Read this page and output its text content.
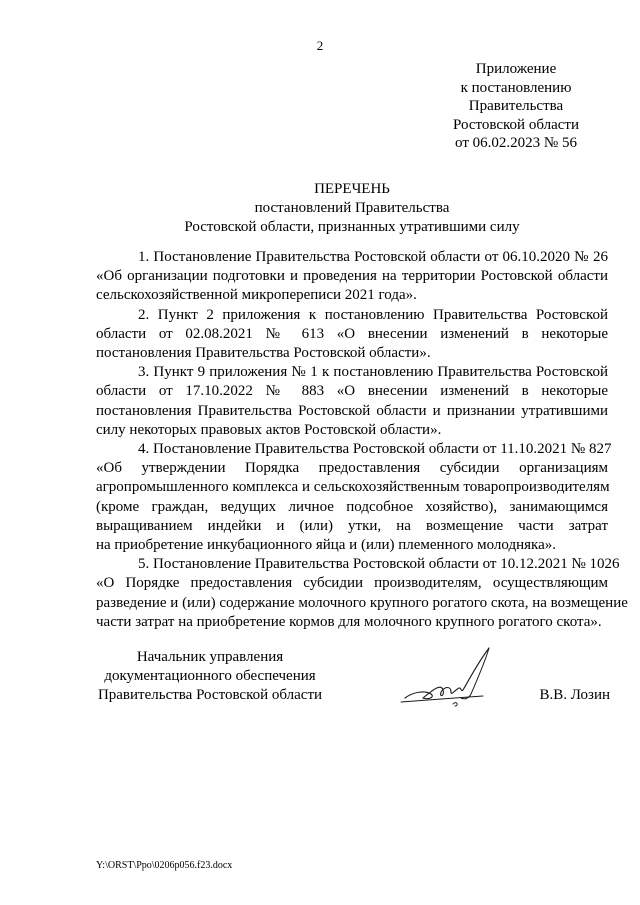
2
Приложение
к постановлению
Правительства
Ростовской области
от 06.02.2023 № 56
ПЕРЕЧЕНЬ
постановлений Правительства
Ростовской области, признанных утратившими силу

1. Постановление Правительства Ростовской области от 06.10.2020 № 26
«Об организации подготовки и проведения на территории Ростовской области
сельскохозяйственной микропереписи 2021 года».

2. Пункт 2 приложения к постановлению Правительства Ростовской
области от 02.08.2021 № 613 «О внесении изменений в некоторые
постановления Правительства Ростовской области».

3. Пункт 9 приложения № 1 к постановлению Правительства Ростовской
области от 17.10.2022 № 883 «О внесении изменений в некоторые
постановления Правительства Ростовской области и признании утратившими
силу некоторых правовых актов Ростовской области».

4. Постановление Правительства Ростовской области от 11.10.2021 № 827
«Об утверждении Порядка предоставления субсидии организациям
агропромышленного комплекса и сельскохозяйственным товаропроизводителям
(кроме граждан, ведущих личное подсобное хозяйство), занимающимся
выращиванием индейки и (или) утки, на возмещение части затрат
на приобретение инкубационного яйца и (или) племенного молодняка».

5. Постановление Правительства Ростовской области от 10.12.2021 № 1026
«О Порядке предоставления субсидии производителям, осуществляющим
разведение и (или) содержание молочного крупного рогатого скота, на возмещение
части затрат на приобретение кормов для молочного крупного рогатого скота».

Начальник управления
документационного обеспечения
Правительства Ростовской области	В.В. Лозин
Y:\ORST\Ppo\0206p056.f23.docx
